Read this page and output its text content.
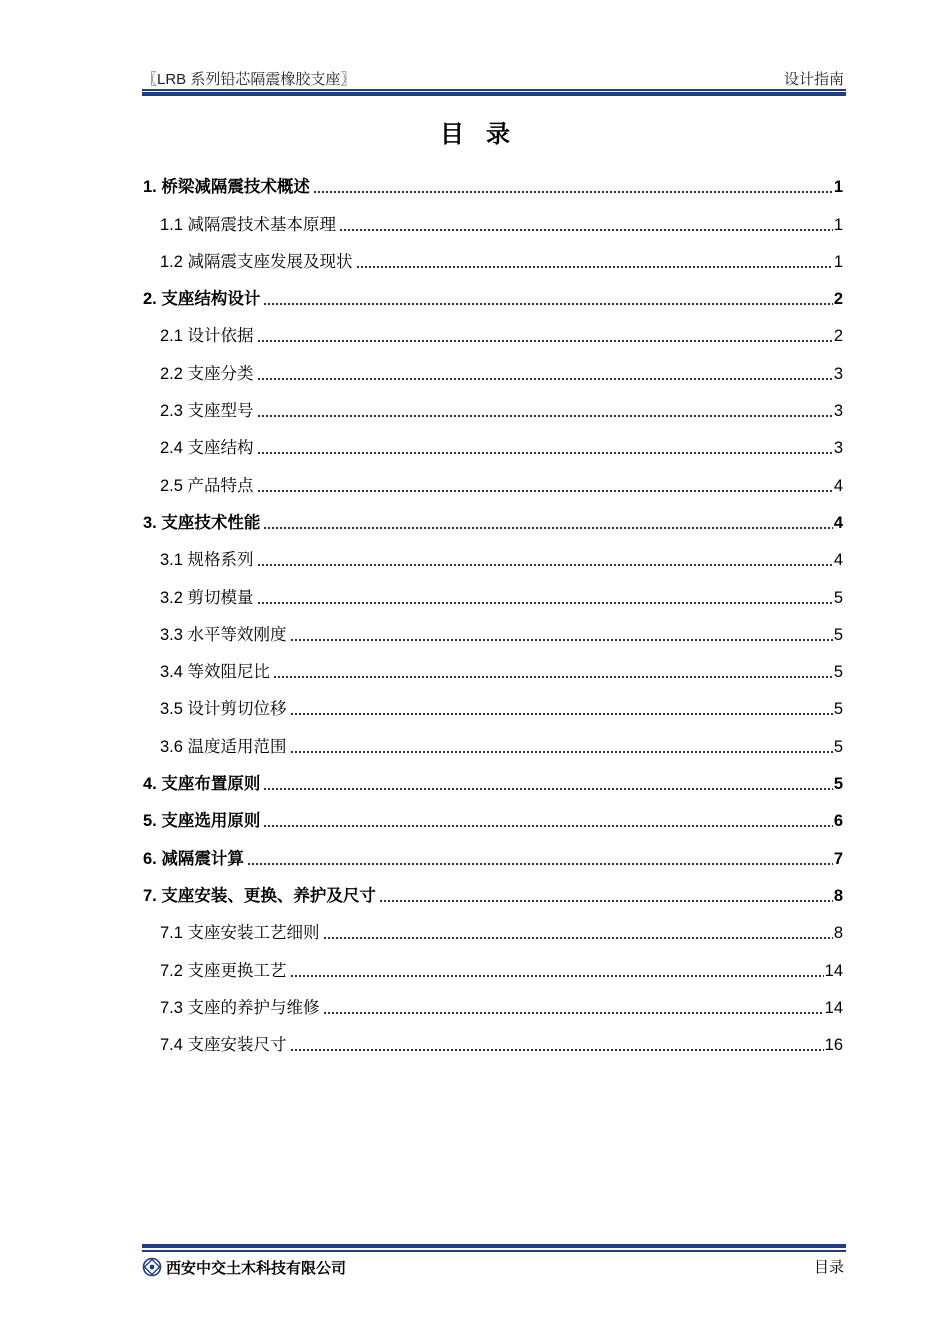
〖LRB 系列铅芯隔震橡胶支座〗	设计指南
目录
1. 桥梁减隔震技术概述	1
1.1 减隔震技术基本原理	1
1.2 减隔震支座发展及现状	1
2. 支座结构设计	2
2.1 设计依据	2
2.2 支座分类	3
2.3 支座型号	3
2.4 支座结构	3
2.5 产品特点	4
3. 支座技术性能	4
3.1 规格系列	4
3.2 剪切模量	5
3.3 水平等效刚度	5
3.4 等效阻尼比	5
3.5 设计剪切位移	5
3.6 温度适用范围	5
4. 支座布置原则	5
5. 支座选用原则	6
6. 减隔震计算	7
7. 支座安装、更换、养护及尺寸	8
7.1 支座安装工艺细则	8
7.2 支座更换工艺	14
7.3 支座的养护与维修	14
7.4 支座安装尺寸	16
西安中交土木科技有限公司	目录
